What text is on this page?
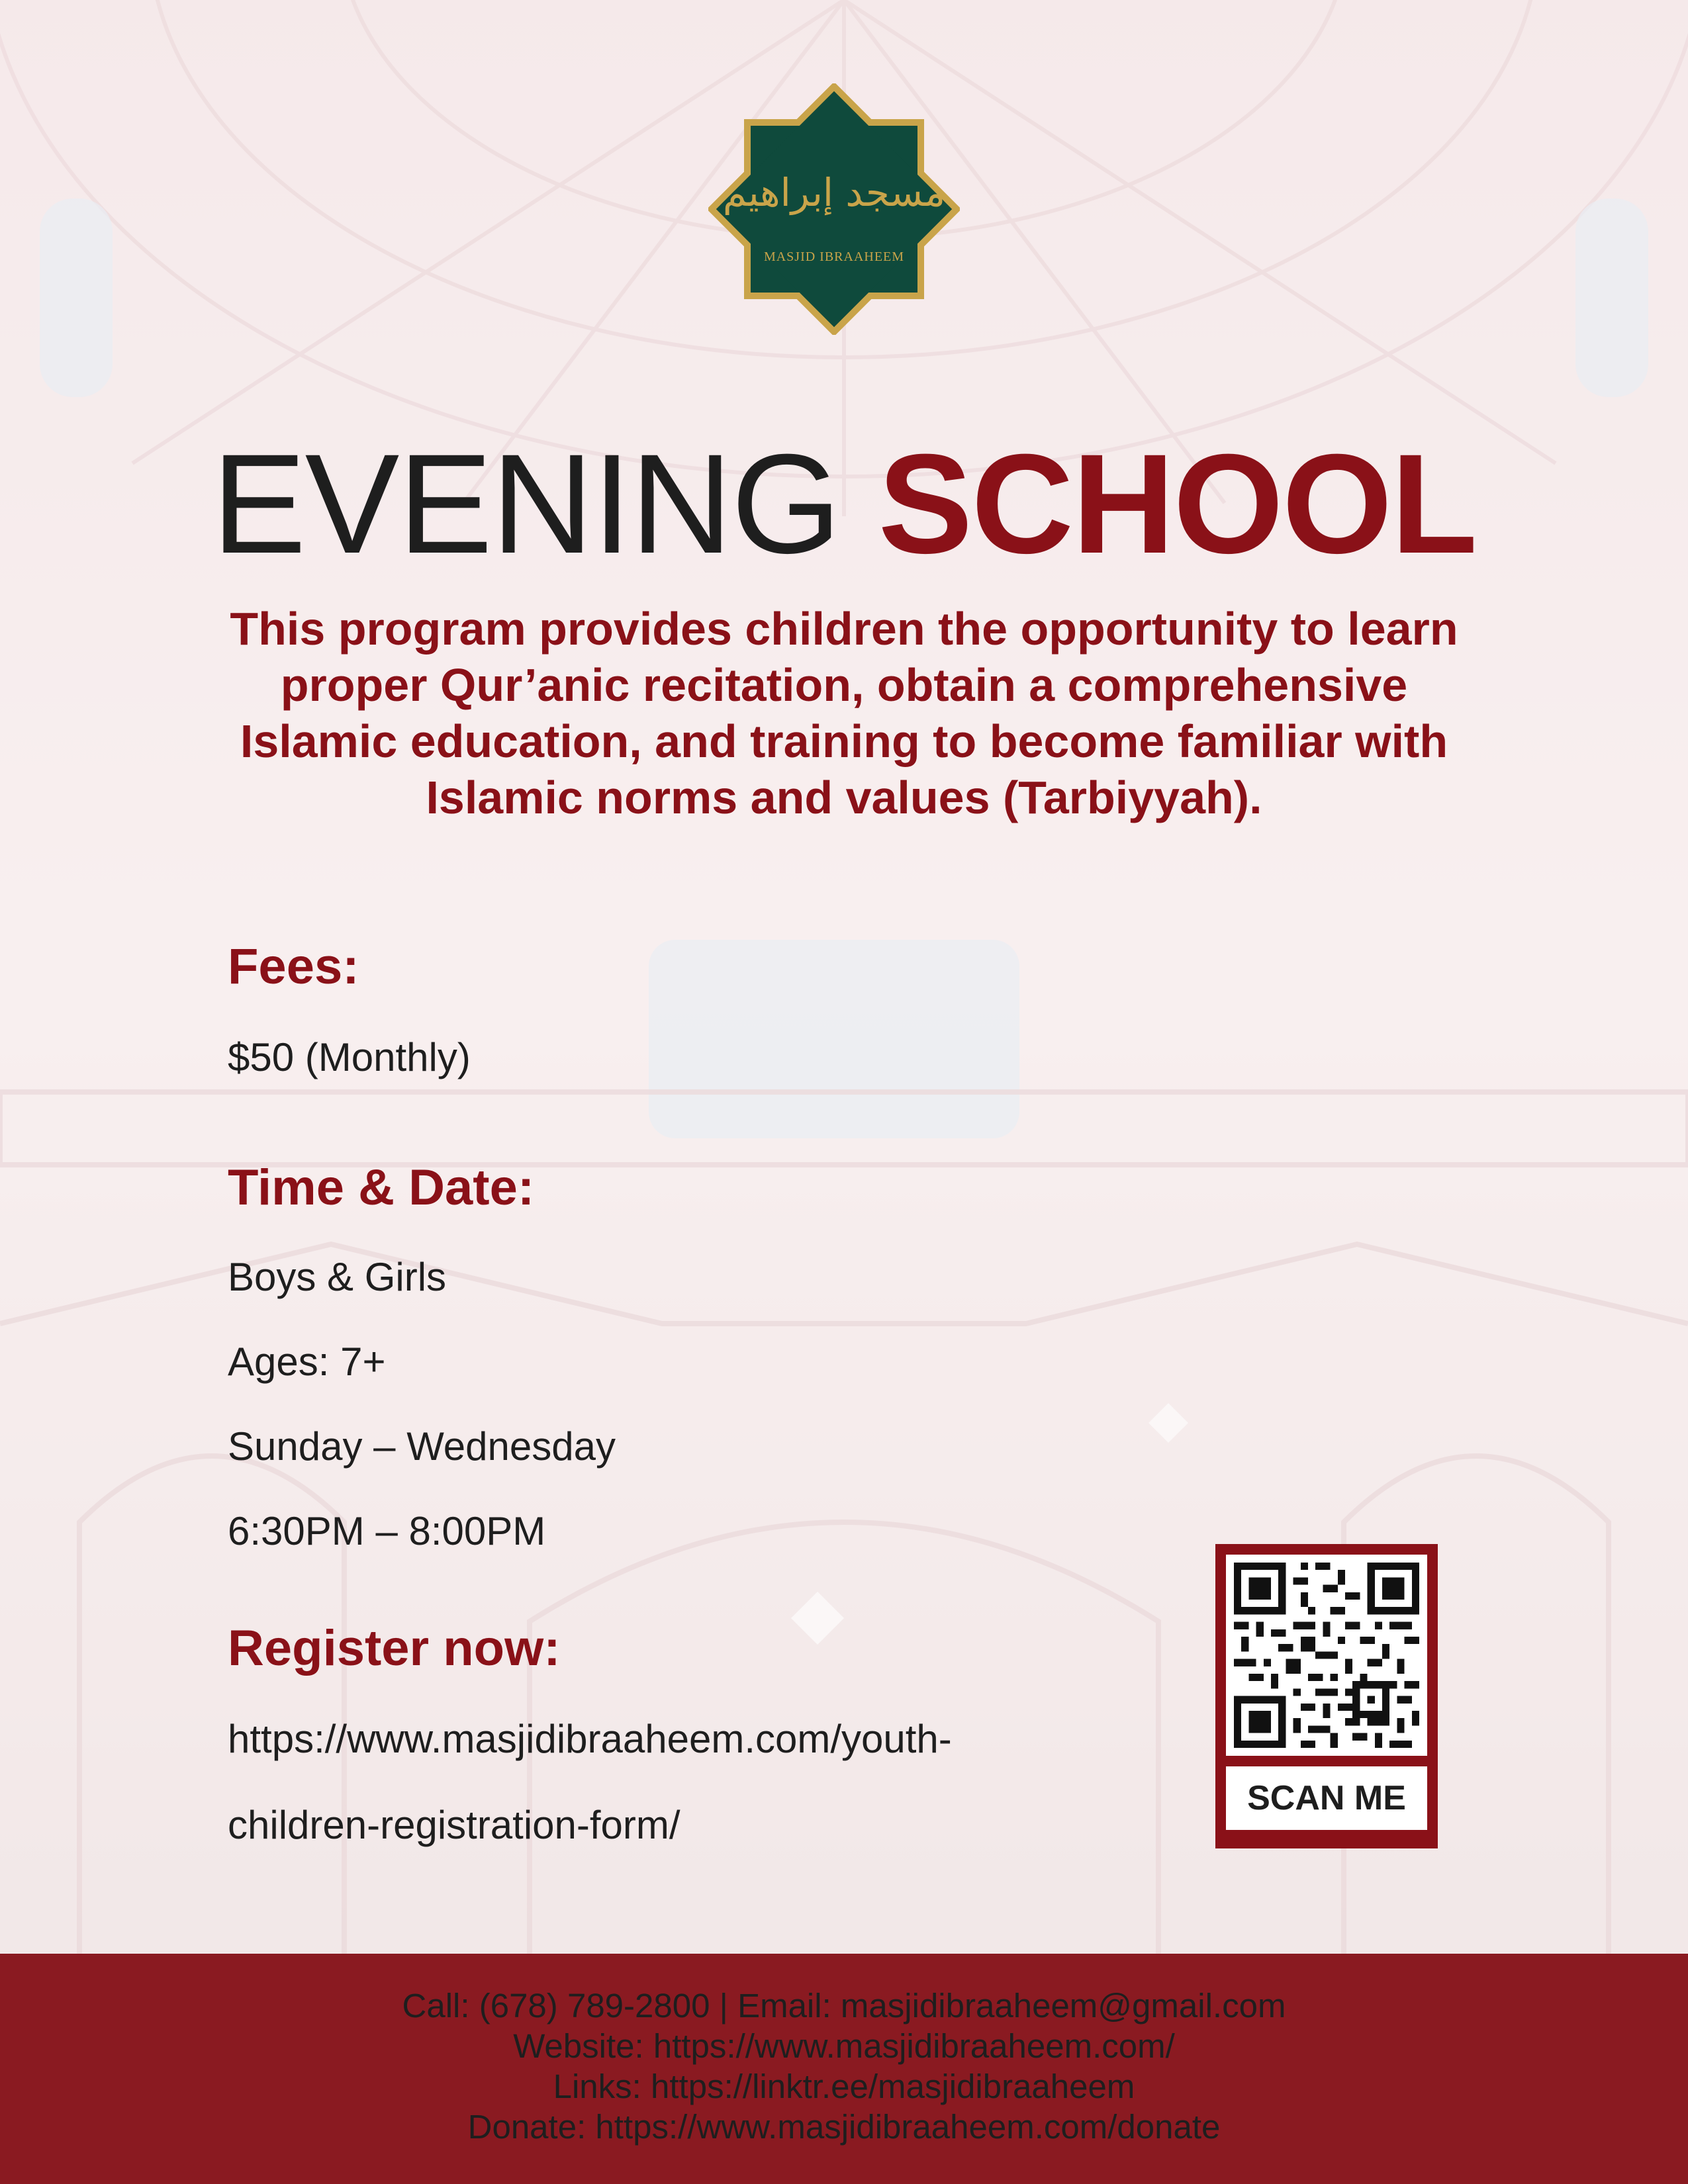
مسجد إبراهيم
MASJID IBRAAHEEM
EVENING SCHOOL

This program provides children the opportunity to learn proper Qur’anic recitation, obtain a comprehensive Islamic education, and training to become familiar with Islamic norms and values (Tarbiyyah).

Fees:

$50 (Monthly)

Time & Date:

Boys & Girls

Ages: 7+

Sunday – Wednesday

6:30PM – 8:00PM

Register now:

https://www.masjidibraaheem.com/youth-

children-registration-form/

SCAN ME
Call: (678) 789-2800 | Email: masjidibraaheem@gmail.com
Website: https://www.masjidibraaheem.com/
Links: https://linktr.ee/masjidibraaheem
Donate: https://www.masjidibraaheem.com/donate
